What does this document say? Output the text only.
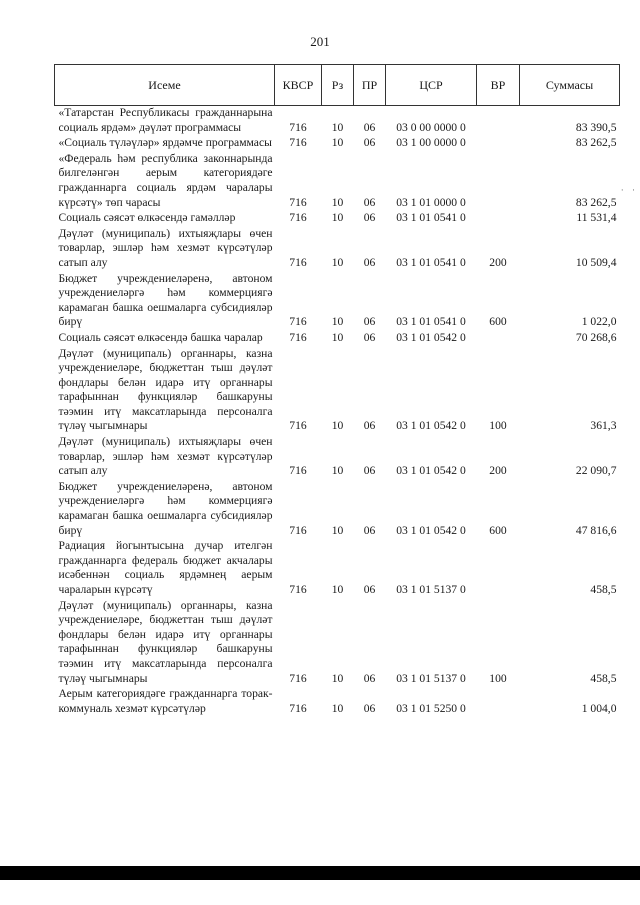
201
· ·
Исеме	КВСР	Рз	ПР	ЦСР	ВР	Суммасы
«Татарстан Республикасы гражданнарына социаль ярдәм» дәүләт программасы	716	10	06	03 0 00 0000 0		83 390,5
«Социаль түләүләр» ярдәмче программасы	716	10	06	03 1 00 0000 0		83 262,5
«Федераль һәм республика законнарында билгеләнгән аерым категориядәге гражданнарга социаль ярдәм чаралары күрсәтү» төп чарасы	716	10	06	03 1 01 0000 0		83 262,5
Социаль сәясәт өлкәсендә гамәлләр	716	10	06	03 1 01 0541 0		11 531,4
Дәүләт (муниципаль) ихтыяҗлары өчен товарлар, эшләр һәм хезмәт күрсәтүләр сатып алу	716	10	06	03 1 01 0541 0	200	10 509,4
Бюджет учреждениеләренә, автоном учреждениеләргә һәм коммерциягә карамаган башка оешмаларга субсидияләр бирү	716	10	06	03 1 01 0541 0	600	1 022,0
Социаль сәясәт өлкәсендә башка чаралар	716	10	06	03 1 01 0542 0		70 268,6
Дәүләт (муниципаль) органнары, казна учреждениеләре, бюджеттан тыш дәүләт фондлары белән идарә итү органнары тарафыннан функцияләр башкаруны тәэмин итү максатларында персоналга түләү чыгымнары	716	10	06	03 1 01 0542 0	100	361,3
Дәүләт (муниципаль) ихтыяҗлары өчен товарлар, эшләр һәм хезмәт күрсәтүләр сатып алу	716	10	06	03 1 01 0542 0	200	22 090,7
Бюджет учреждениеләренә, автоном учреждениеләргә һәм коммерциягә карамаган башка оешмаларга субсидияләр бирү	716	10	06	03 1 01 0542 0	600	47 816,6
Радиация йогынтысына дучар ителгән гражданнарга федераль бюджет акчалары исәбеннән социаль ярдәмнең аерым чараларын күрсәтү	716	10	06	03 1 01 5137 0		458,5
Дәүләт (муниципаль) органнары, казна учреждениеләре, бюджеттан тыш дәүләт фондлары белән идарә итү органнары тарафыннан функцияләр башкаруны тәэмин итү максатларында персоналга түләү чыгымнары	716	10	06	03 1 01 5137 0	100	458,5
Аерым категориядәге гражданнарга торак-коммуналь хезмәт күрсәтүләр	716	10	06	03 1 01 5250 0		1 004,0
